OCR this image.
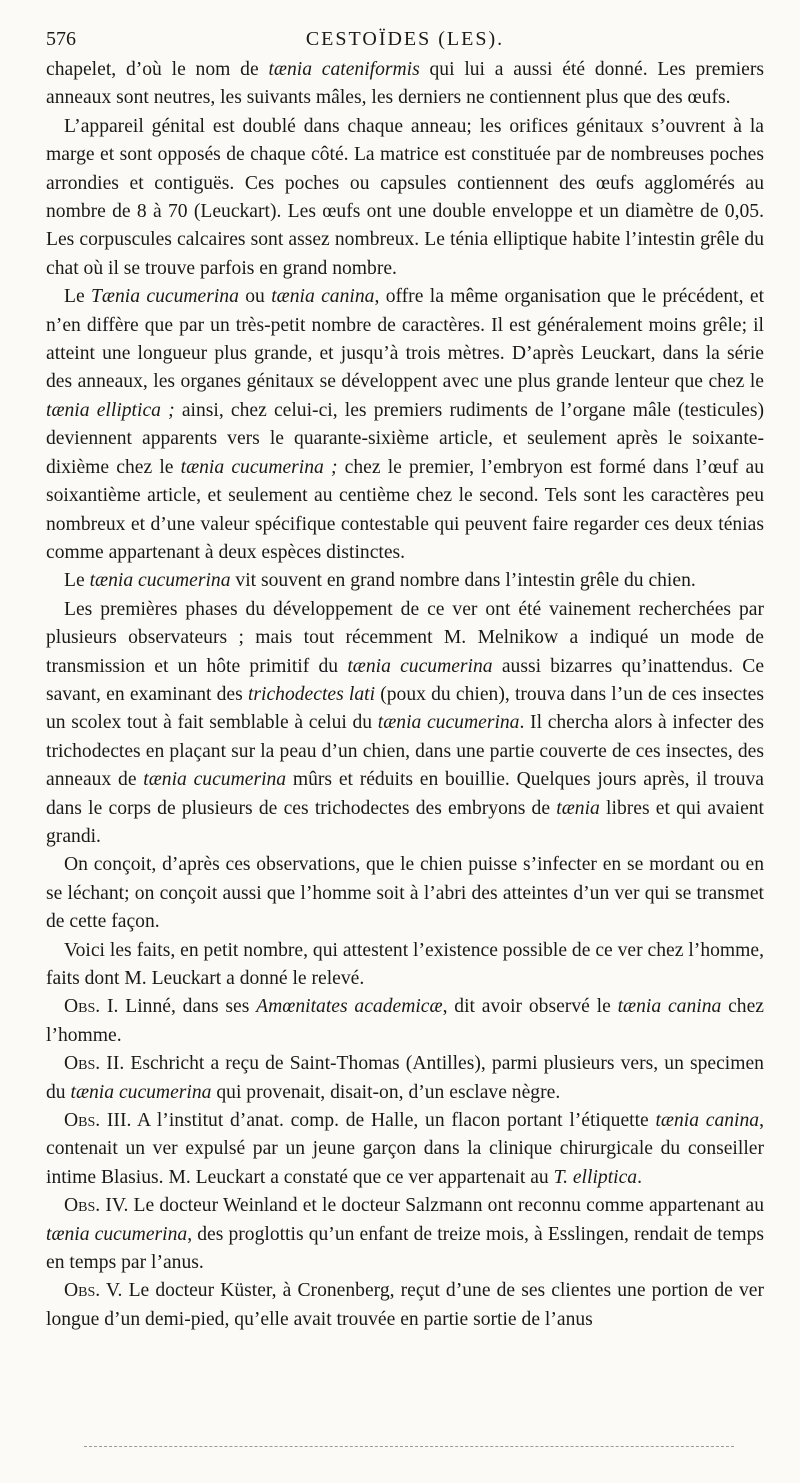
576	CESTOÏDES (LES).

chapelet, d’où le nom de tænia cateniformis qui lui a aussi été donné. Les premiers anneaux sont neutres, les suivants mâles, les derniers ne contiennent plus que des œufs.

L’appareil génital est doublé dans chaque anneau; les orifices génitaux s’ouvrent à la marge et sont opposés de chaque côté. La matrice est constituée par de nombreuses poches arrondies et contiguës. Ces poches ou capsules contiennent des œufs agglomérés au nombre de 8 à 70 (Leuckart). Les œufs ont une double enveloppe et un diamètre de 0,05. Les corpuscules calcaires sont assez nombreux. Le ténia elliptique habite l’intestin grêle du chat où il se trouve parfois en grand nombre.

Le Tænia cucumerina ou tænia canina, offre la même organisation que le précédent, et n’en diffère que par un très-petit nombre de caractères. Il est généralement moins grêle; il atteint une longueur plus grande, et jusqu’à trois mètres. D’après Leuckart, dans la série des anneaux, les organes génitaux se développent avec une plus grande lenteur que chez le tænia elliptica ; ainsi, chez celui-ci, les premiers rudiments de l’organe mâle (testicules) deviennent apparents vers le quarante-sixième article, et seulement après le soixante-dixième chez le tænia cucumerina ; chez le premier, l’embryon est formé dans l’œuf au soixantième article, et seulement au centième chez le second. Tels sont les caractères peu nombreux et d’une valeur spécifique contestable qui peuvent faire regarder ces deux ténias comme appartenant à deux espèces distinctes.

Le tænia cucumerina vit souvent en grand nombre dans l’intestin grêle du chien.

Les premières phases du développement de ce ver ont été vainement recherchées par plusieurs observateurs ; mais tout récemment M. Melnikow a indiqué un mode de transmission et un hôte primitif du tænia cucumerina aussi bizarres qu’inattendus. Ce savant, en examinant des trichodectes lati (poux du chien), trouva dans l’un de ces insectes un scolex tout à fait semblable à celui du tænia cucumerina. Il chercha alors à infecter des trichodectes en plaçant sur la peau d’un chien, dans une partie couverte de ces insectes, des anneaux de tænia cucumerina mûrs et réduits en bouillie. Quelques jours après, il trouva dans le corps de plusieurs de ces trichodectes des embryons de tænia libres et qui avaient grandi.

On conçoit, d’après ces observations, que le chien puisse s’infecter en se mordant ou en se léchant; on conçoit aussi que l’homme soit à l’abri des atteintes d’un ver qui se transmet de cette façon.

Voici les faits, en petit nombre, qui attestent l’existence possible de ce ver chez l’homme, faits dont M. Leuckart a donné le relevé.

Obs. I. Linné, dans ses Amœnitates academicæ, dit avoir observé le tænia canina chez l’homme.

Obs. II. Eschricht a reçu de Saint-Thomas (Antilles), parmi plusieurs vers, un specimen du tænia cucumerina qui provenait, disait-on, d’un esclave nègre.

Obs. III. A l’institut d’anat. comp. de Halle, un flacon portant l’étiquette tænia canina, contenait un ver expulsé par un jeune garçon dans la clinique chirurgicale du conseiller intime Blasius. M. Leuckart a constaté que ce ver appartenait au T. elliptica.

Obs. IV. Le docteur Weinland et le docteur Salzmann ont reconnu comme appartenant au tænia cucumerina, des proglottis qu’un enfant de treize mois, à Esslingen, rendait de temps en temps par l’anus.

Obs. V. Le docteur Küster, à Cronenberg, reçut d’une de ses clientes une portion de ver longue d’un demi-pied, qu’elle avait trouvée en partie sortie de l’anus
